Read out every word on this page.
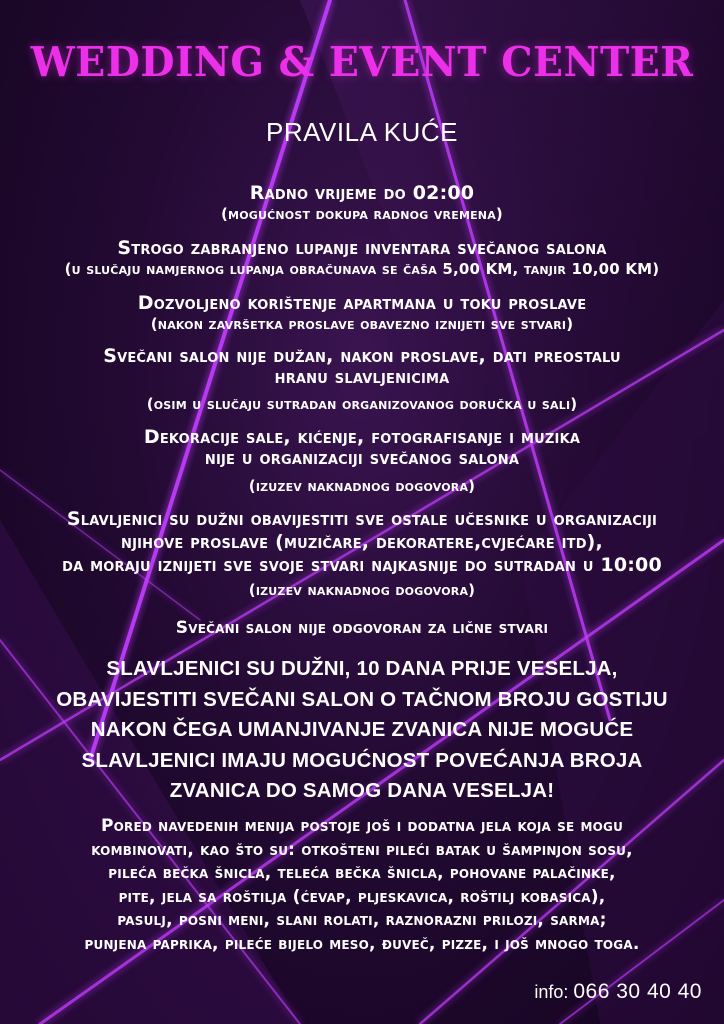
WEDDING & EVENT CENTER
PRAVILA KUĆE
Radno vrijeme do 02:00
(mogućnost dokupa radnog vremena)
Strogo zabranjeno lupanje inventara svečanog salona
(u slučaju namjernog lupanja obračunava se čaša 5,00 KM, tanjir 10,00 KM)
Dozvoljeno korištenje apartmana u toku proslave
(nakon završetka proslave obavezno iznijeti sve stvari)
Svečani salon nije dužan, nakon proslave, dati preostalu
hranu slavljenicima
(osim u slučaju sutradan organizovanog doručka u sali)
Dekoracije sale, kićenje, fotografisanje i muzika
nije u organizaciji svečanog salona
(izuzev naknadnog dogovora)
Slavljenici su dužni obavijestiti sve ostale učesnike u organizaciji
njihove proslave (muzičare, dekoratere,cvjećare itd),
da moraju iznijeti sve svoje stvari najkasnije do sutradan u 10:00
(izuzev naknadnog dogovora)
Svečani salon nije odgovoran za lične stvari
SLAVLJENICI SU DUŽNI, 10 DANA PRIJE VESELJA,
OBAVIJESTITI SVEČANI SALON O TAČNOM BROJU GOSTIJU
NAKON ČEGA UMANJIVANJE ZVANICA NIJE MOGUĆE
SLAVLJENICI IMAJU MOGUĆNOST POVEĆANJA BROJA
ZVANICA DO SAMOG DANA VESELJA!
Pored navedenih menija postoje još i dodatna jela koja se mogu
kombinovati, kao što su: otkošteni pileći batak u šampinjon sosu,
pileća bečka šnicla, teleća bečka šnicla, pohovane palačinke,
pite, jela sa roštilja (ćevap, pljeskavica, roštilj kobasica),
pasulj, posni meni, slani rolati, raznorazni prilozi, sarma;
punjena paprika, pileće bijelo meso, đuveč, pizze, i još mnogo toga.
info: 066 30 40 40
